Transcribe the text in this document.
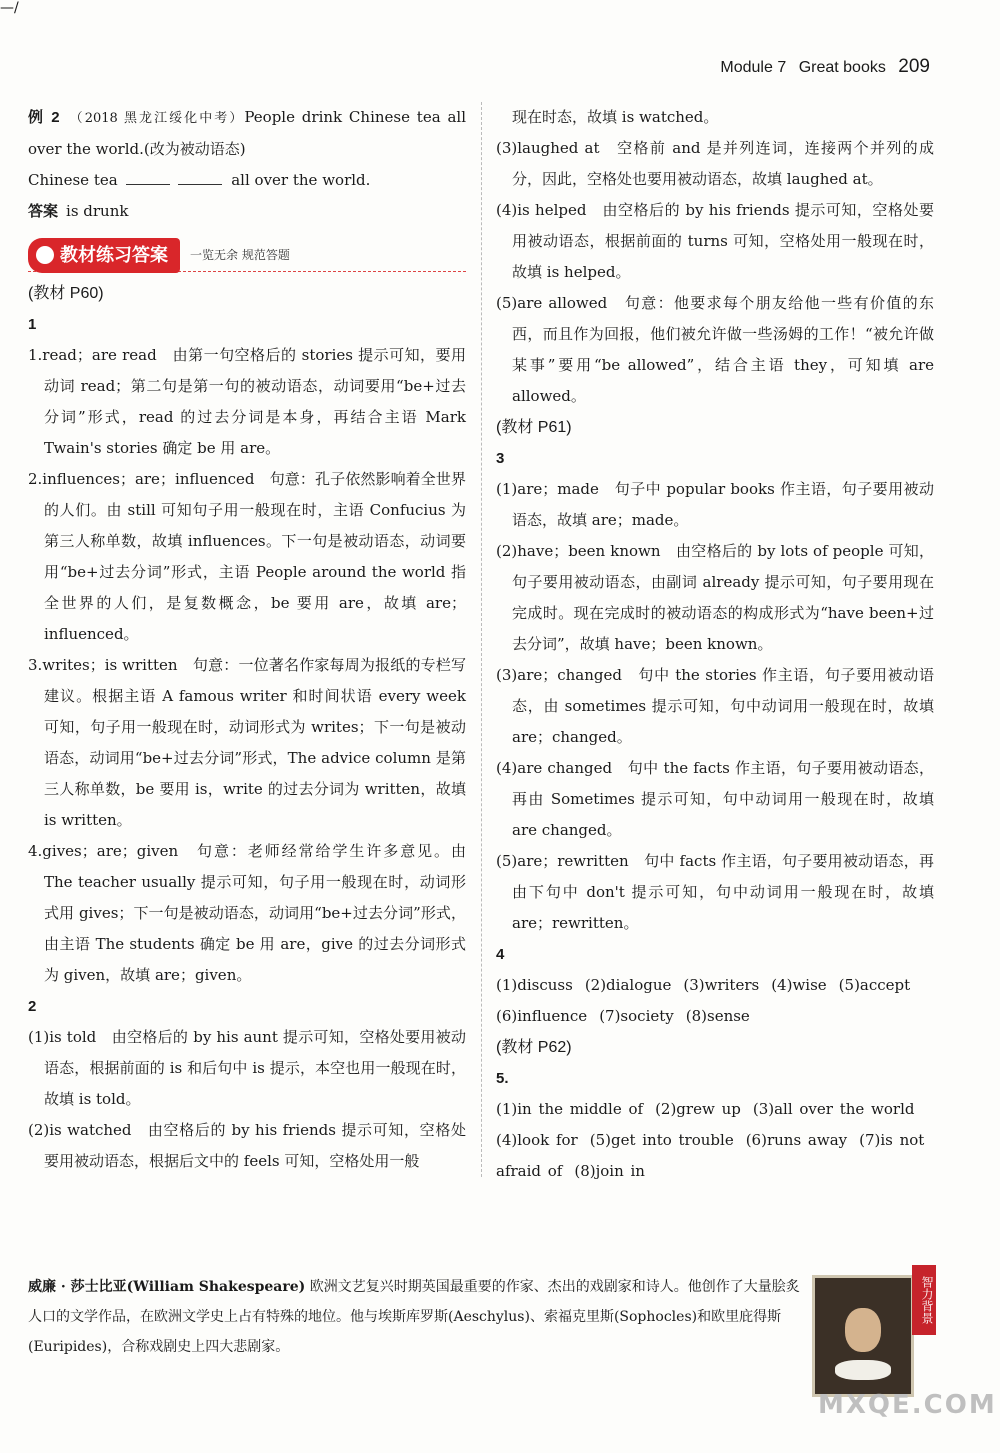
—/
Module 7 Great books 209

例 2 （2018 黑龙江绥化中考）People drink Chinese tea all over the world.(改为被动语态)

Chinese tea	all over the world.

答案 is drunk

教材练习答案 一览无余 规范答题

(教材 P60)

1

1.read；are read　由第一句空格后的 stories 提示可知，要用动词 read；第二句是第一句的被动语态，动词要用“be+过去分词”形式，read 的过去分词是本身，再结合主语 Mark Twain's stories 确定 be 用 are。

2.influences；are；influenced　句意：孔子依然影响着全世界的人们。由 still 可知句子用一般现在时，主语 Confucius 为第三人称单数，故填 influences。下一句是被动语态，动词要用“be+过去分词”形式，主语 People around the world 指全世界的人们，是复数概念，be 要用 are，故填 are；influenced。

3.writes；is written　句意：一位著名作家每周为报纸的专栏写建议。根据主语 A famous writer 和时间状语 every week 可知，句子用一般现在时，动词形式为 writes；下一句是被动语态，动词用“be+过去分词”形式，The advice column 是第三人称单数，be 要用 is，write 的过去分词为 written，故填 is written。

4.gives；are；given　句意：老师经常给学生许多意见。由 The teacher usually 提示可知，句子用一般现在时，动词形式用 gives；下一句是被动语态，动词用“be+过去分词”形式，由主语 The students 确定 be 用 are，give 的过去分词形式为 given，故填 are；given。

2

(1)is told　由空格后的 by his aunt 提示可知，空格处要用被动语态，根据前面的 is 和后句中 is 提示，本空也用一般现在时，故填 is told。

(2)is watched　由空格后的 by his friends 提示可知，空格处要用被动语态，根据后文中的 feels 可知，空格处用一般

现在时态，故填 is watched。

(3)laughed at　空格前 and 是并列连词，连接两个并列的成分，因此，空格处也要用被动语态，故填 laughed at。

(4)is helped　由空格后的 by his friends 提示可知，空格处要用被动语态，根据前面的 turns 可知，空格处用一般现在时，故填 is helped。

(5)are allowed　句意：他要求每个朋友给他一些有价值的东西，而且作为回报，他们被允许做一些汤姆的工作！“被允许做某事”要用“be allowed”，结合主语 they，可知填 are allowed。

(教材 P61)

3

(1)are；made　句子中 popular books 作主语，句子要用被动语态，故填 are；made。

(2)have；been known　由空格后的 by lots of people 可知，句子要用被动语态，由副词 already 提示可知，句子要用现在完成时。现在完成时的被动语态的构成形式为“have been+过去分词”，故填 have；been known。

(3)are；changed　句中 the stories 作主语，句子要用被动语态，由 sometimes 提示可知，句中动词用一般现在时，故填 are；changed。

(4)are changed　句中 the facts 作主语，句子要用被动语态，再由 Sometimes 提示可知，句中动词用一般现在时，故填 are changed。

(5)are；rewritten　句中 facts 作主语，句子要用被动语态，再由下句中 don't 提示可知，句中动词用一般现在时，故填 are；rewritten。

4

(1)discuss (2)dialogue (3)writers (4)wise (5)accept
(6)influence (7)society (8)sense

(教材 P62)

5.

(1)in the middle of (2)grew up (3)all over the world
(4)look for (5)get into trouble (6)runs away (7)is not afraid of (8)join in

威廉 · 莎士比亚(William Shakespeare) 欧洲文艺复兴时期英国最重要的作家、杰出的戏剧家和诗人。他创作了大量脍炙人口的文学作品，在欧洲文学史上占有特殊的地位。他与埃斯库罗斯(Aeschylus)、索福克里斯(Sophocles)和欧里庇得斯(Euripides)，合称戏剧史上四大悲剧家。
智力背景
MXQE.COM
